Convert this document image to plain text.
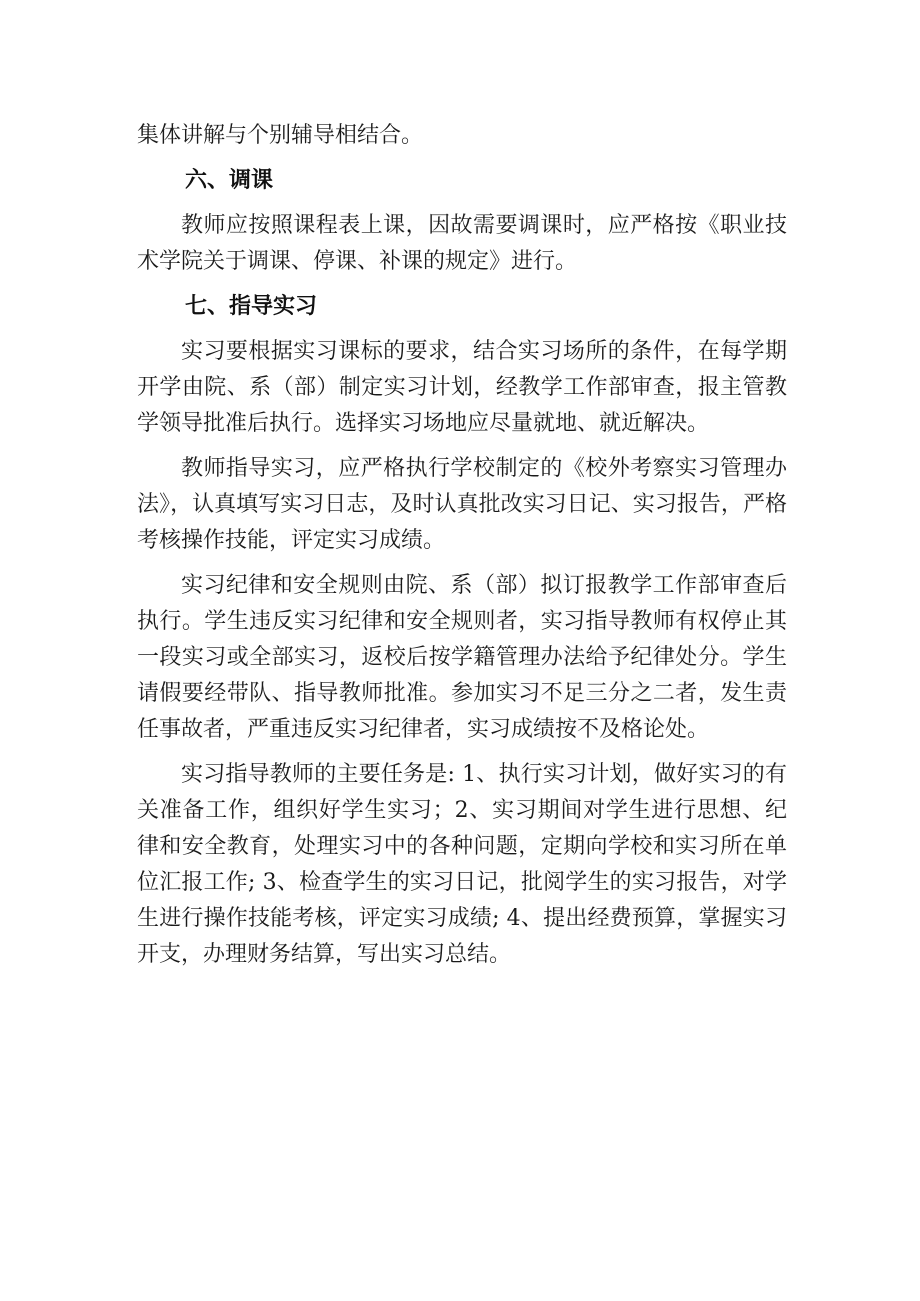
集体讲解与个别辅导相结合。

六、调课

教师应按照课程表上课，因故需要调课时，应严格按《职业技术学院关于调课、停课、补课的规定》进行。

七、指导实习

实习要根据实习课标的要求，结合实习场所的条件，在每学期开学由院、系（部）制定实习计划，经教学工作部审查，报主管教学领导批准后执行。选择实习场地应尽量就地、就近解决。

教师指导实习，应严格执行学校制定的《校外考察实习管理办法》，认真填写实习日志，及时认真批改实习日记、实习报告，严格考核操作技能，评定实习成绩。

实习纪律和安全规则由院、系（部）拟订报教学工作部审查后执行。学生违反实习纪律和安全规则者，实习指导教师有权停止其一段实习或全部实习，返校后按学籍管理办法给予纪律处分。学生请假要经带队、指导教师批准。参加实习不足三分之二者，发生责任事故者，严重违反实习纪律者，实习成绩按不及格论处。

实习指导教师的主要任务是: 1、执行实习计划，做好实习的有关准备工作，组织好学生实习；2、实习期间对学生进行思想、纪律和安全教育，处理实习中的各种问题，定期向学校和实习所在单位汇报工作; 3、检查学生的实习日记，批阅学生的实习报告，对学生进行操作技能考核，评定实习成绩; 4、提出经费预算，掌握实习开支，办理财务结算，写出实习总结。
